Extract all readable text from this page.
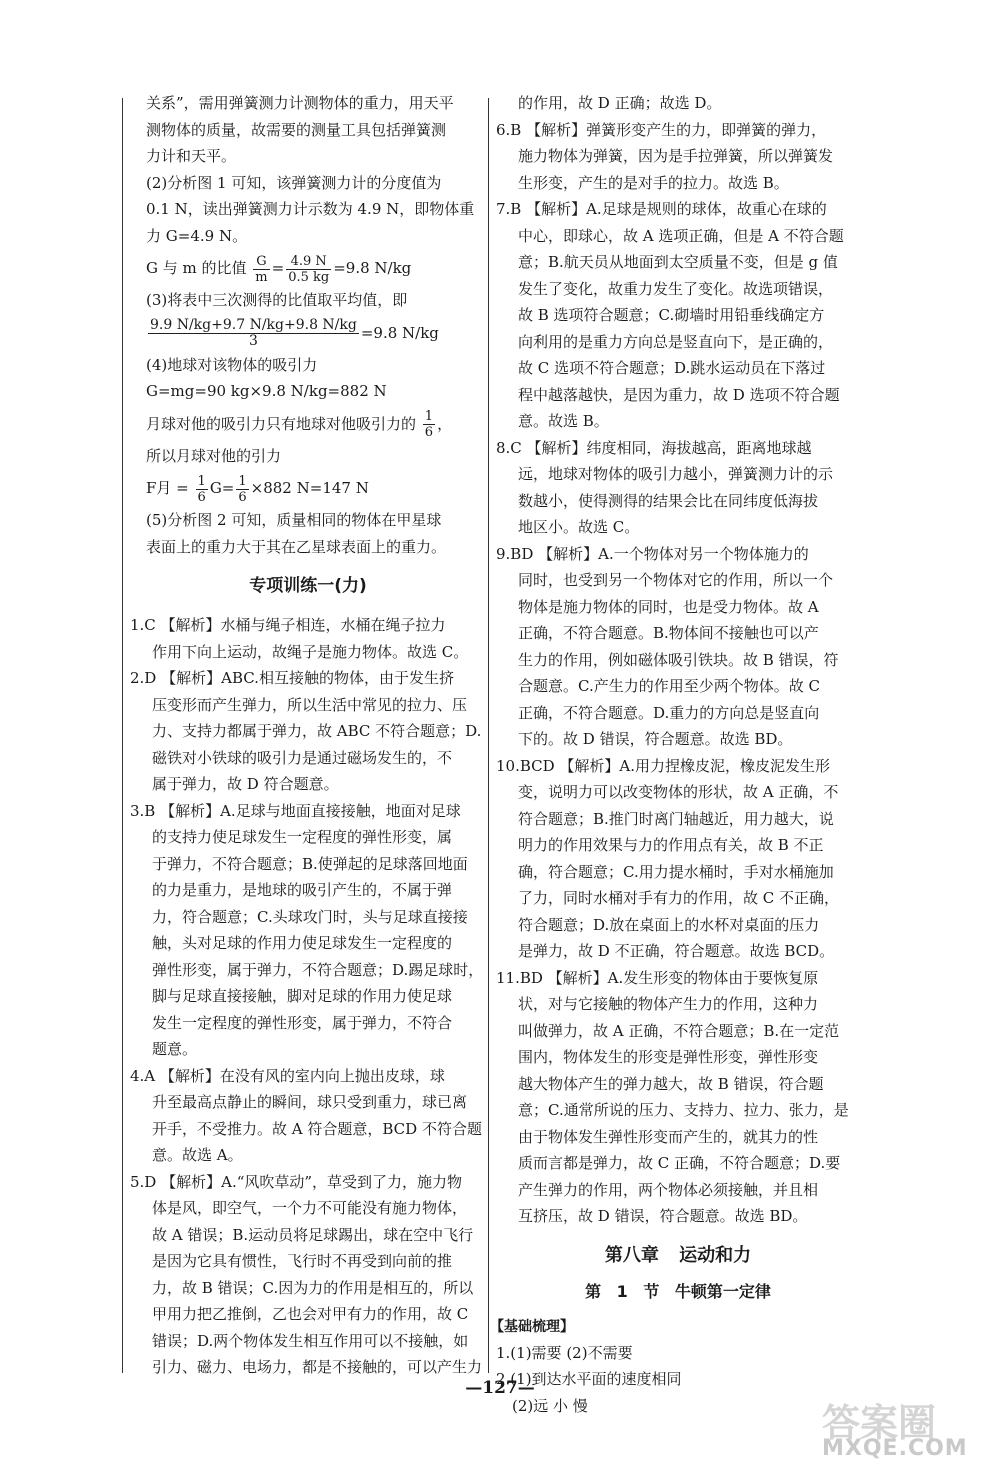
关系”，需用弹簧测力计测物体的重力，用天平
测物体的质量，故需要的测量工具包括弹簧测
力计和天平。
(2)分析图 1 可知，该弹簧测力计的分度值为
0.1 N，读出弹簧测力计示数为 4.9 N，即物体重
力 G=4.9 N。
G 与 m 的比值 $\frac{G}{m} = \frac{4.9 N}{0.5 kg} =9.8$ N/kg
(3)将表中三次测得的比值取平均值，即
$\frac{9.9 N/kg+9.7 N/kg+9.8 N/kg}{3} =9.8$ N/kg
(4)地球对该物体的吸引力
G=mg=90 kg×9.8 N/kg=882 N
月球对他的吸引力只有地球对他吸引力的 $\frac{1}{6}$ ，
所以月球对他的引力
F月 = $\frac{1}{6} G= \frac{1}{6} \times 882$ N=147 N
(5)分析图 2 可知，质量相同的物体在甲星球
表面上的重力大于其在乙星球表面上的重力。
专项训练一(力)
1.C 【解析】水桶与绳子相连，水桶在绳子拉力
作用下向上运动，故绳子是施力物体。故选 C。
2.D 【解析】ABC.相互接触的物体，由于发生挤
压变形而产生弹力，所以生活中常见的拉力、压
力、支持力都属于弹力，故 ABC 不符合题意；D.
磁铁对小铁球的吸引力是通过磁场发生的，不
属于弹力，故 D 符合题意。
3.B 【解析】A.足球与地面直接接触，地面对足球
的支持力使足球发生一定程度的弹性形变，属
于弹力，不符合题意；B.使弹起的足球落回地面
的力是重力，是地球的吸引产生的，不属于弹
力，符合题意；C.头球攻门时，头与足球直接接
触，头对足球的作用力使足球发生一定程度的
弹性形变，属于弹力，不符合题意；D.踢足球时，
脚与足球直接接触，脚对足球的作用力使足球
发生一定程度的弹性形变，属于弹力，不符合
题意。
4.A 【解析】在没有风的室内向上抛出皮球，球
升至最高点静止的瞬间，球只受到重力，球已离
开手，不受推力。故 A 符合题意，BCD 不符合题
意。故选 A。
5.D 【解析】A.“风吹草动”，草受到了力，施力物
体是风，即空气，一个力不可能没有施力物体，
故 A 错误；B.运动员将足球踢出，球在空中飞行
是因为它具有惯性，飞行时不再受到向前的推
力，故 B 错误；C.因为力的作用是相互的，所以
甲用力把乙推倒，乙也会对甲有力的作用，故 C
错误；D.两个物体发生相互作用可以不接触，如
引力、磁力、电场力，都是不接触的，可以产生力
的作用，故 D 正确；故选 D。
6.B 【解析】弹簧形变产生的力，即弹簧的弹力，
施力物体为弹簧，因为是手拉弹簧，所以弹簧发
生形变，产生的是对手的拉力。故选 B。
7.B 【解析】A.足球是规则的球体，故重心在球的
中心，即球心，故 A 选项正确，但是 A 不符合题
意；B.航天员从地面到太空质量不变，但是 g 值
发生了变化，故重力发生了变化。故选项错误，
故 B 选项符合题意；C.砌墙时用铅垂线确定方
向利用的是重力方向总是竖直向下，是正确的，
故 C 选项不符合题意；D.跳水运动员在下落过
程中越落越快，是因为重力，故 D 选项不符合题
意。故选 B。
8.C 【解析】纬度相同，海拔越高，距离地球越
远，地球对物体的吸引力越小，弹簧测力计的示
数越小，使得测得的结果会比在同纬度低海拔
地区小。故选 C。
9.BD 【解析】A.一个物体对另一个物体施力的
同时，也受到另一个物体对它的作用，所以一个
物体是施力物体的同时，也是受力物体。故 A
正确，不符合题意。B.物体间不接触也可以产
生力的作用，例如磁体吸引铁块。故 B 错误，符
合题意。C.产生力的作用至少两个物体。故 C
正确，不符合题意。D.重力的方向总是竖直向
下的。故 D 错误，符合题意。故选 BD。
10.BCD 【解析】A.用力捏橡皮泥，橡皮泥发生形
变，说明力可以改变物体的形状，故 A 正确，不
符合题意；B.推门时离门轴越近，用力越大，说
明力的作用效果与力的作用点有关，故 B 不正
确，符合题意；C.用力提水桶时，手对水桶施加
了力，同时水桶对手有力的作用，故 C 不正确，
符合题意；D.放在桌面上的水杯对桌面的压力
是弹力，故 D 不正确，符合题意。故选 BCD。
11.BD 【解析】A.发生形变的物体由于要恢复原
状，对与它接触的物体产生力的作用，这种力
叫做弹力，故 A 正确，不符合题意；B.在一定范
围内，物体发生的形变是弹性形变，弹性形变
越大物体产生的弹力越大，故 B 错误，符合题
意；C.通常所说的压力、支持力、拉力、张力，是
由于物体发生弹性形变而产生的，就其力的性
质而言都是弹力，故 C 正确，不符合题意；D.要
产生弹力的作用，两个物体必须接触，并且相
互挤压，故 D 错误，符合题意。故选 BD。
第八章 运动和力
第 1 节 牛顿第一定律
【基础梳理】
1.(1)需要 (2)不需要
2.(1)到达水平面的速度相同
(2)远 小 慢
—127—
答案圈
MXQE.COM
